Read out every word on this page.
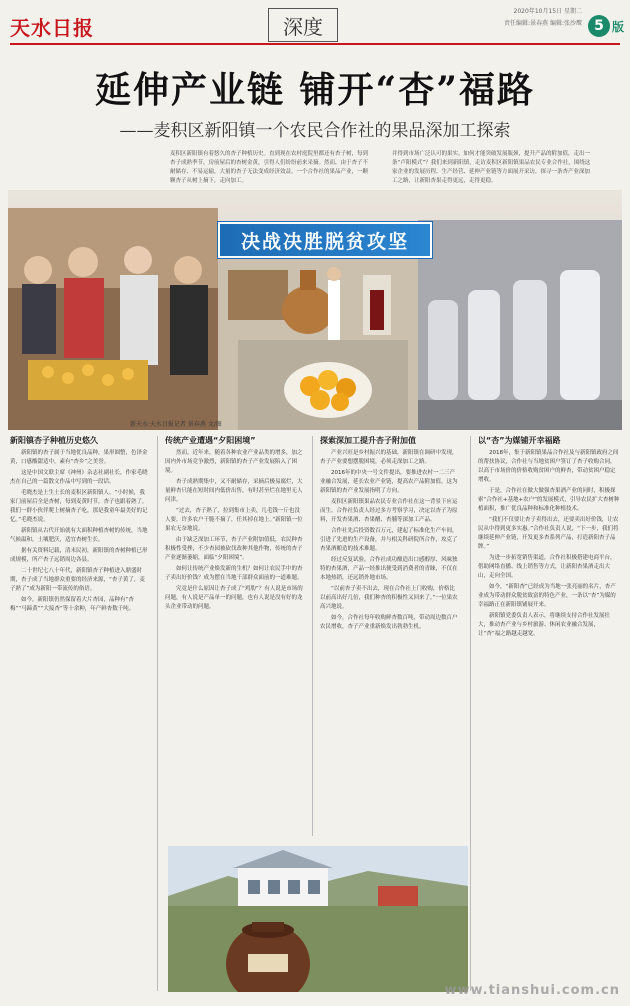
天水日报	深度
2020年10月15日 星期二
责任编辑:景春燕 编辑:张沙鹰 5 版
延伸产业链 铺开“杏”福路
——麦积区新阳镇一个农民合作社的果品深加工探索
麦积区新阳镇有着悠久的杏子种植历史。直到现在农村庭院里都还有杏子树，每到杏子成熟季节，房前屋后的杏树金黄，引得人们纷纷前来采摘。然而，由于杏子不耐储存、不易运输，大量的杏子无法变成经济效益。一个合作社的果品产业，一颗颗杏子从树上摘下，走向加工。
并得到市场广泛认可的果实。如何才能突破发展瓶颈，提升产品的附加值，走出一条“卢阳模式”？我们来到新阳镇，走访麦积区新阳镇果品农民专业合作社，围绕这家企业的发展历程、生产经营、延伸产业链等方面展开采访，探寻一条杏产业深加工之路，让新阳杏果走得更远，走得更稳。
决战决胜脱贫攻坚
新天水·天水日报记者 景春燕 文/图
新阳镇杏子种植历史悠久

新阳镇的杏子属于当地优良品种，果形圆整，色泽金黄，口感酸甜适中，素有“杏乡”之美誉。

这是中国文联主席《神州》杂志社副社长，作家毛晓杰在自己的一篇散文作品中写到的一段话。

毛晓杰是土生土长的麦积区新阳镇人。“小时候，我家门前屋后全是杏树，每到麦黄时节，杏子也跟着熟了，我们一群小伙伴爬上树摘杏子吃，那是我童年最美好的记忆。”毛晓杰说。

新阳镇从古代开始就有大面积种植杏树的传统，当地气候温和，土壤肥沃，适宜杏树生长。

据有关资料记载，清末民初，新阳镇的杏树种植已形成规模，所产杏子远销周边各县。

二十世纪七八十年代，新阳镇杏子种植进入鼎盛时期，杏子成了当地群众重要的经济来源，“杏子黄了，麦子熟了”成为新阳一带流传的俗语。

如今，新阳镇仍然保留着大片杏园，品种有“杏梅”“马蹄黄”“大接杏”等十余种，年产鲜杏数千吨。

传统产业遭遇“夕阳困境”

然而，近年来，随着各种农业产业品类的增多，加之国内外市场竞争激烈，新阳镇的杏子产业发展陷入了困境。

杏子成熟期集中，又不耐储存，采摘后极易腐烂，大量鲜杏只能在短时间内低价出售，有时甚至烂在地里无人问津。

“过去，杏子熟了，拉到集市上卖，几毛钱一斤也没人要，许多农户干脆不摘了，任其掉在地上。”新阳镇一位果农无奈地说。

由于缺乏深加工环节，杏子产业附加值低，农民种杏积极性受挫，不少杏园被砍伐改种其他作物，传统的杏子产业逐渐萎缩，面临“夕阳困境”。

如何让传统产业焕发新的生机？如何让农民手中的杏子卖出好价钱？成为摆在当地干部群众面前的一道难题。

究竟是什么原因让杏子成了“鸡肋”？有人说是市场的问题，有人说是产品单一的问题，也有人说是没有好的龙头企业带动的问题。

探索深加工提升杏子附加值

产业兴旺是乡村振兴的基础，新阳镇在调研中发现，杏子产业要想摆脱困境，必须走深加工之路。

2016年的中央一号文件提出，要推进农村一二三产业融合发展，延长农业产业链，提高农产品附加值。这为新阳镇的杏产业发展指明了方向。

麦积区新阳镇果品农民专业合作社在这一背景下应运而生。合作社负责人经过多方考察学习，决定以杏子为原料，开发杏果酒、杏果醋、杏脯等深加工产品。

合作社先后投资数百万元，建起了标准化生产车间，引进了先进的生产设备，并与相关科研院所合作，攻克了杏果酒酿造的技术难题。

经过反复试验，合作社成功酿造出口感醇厚、风味独特的杏果酒，产品一经推出便受到消费者的青睐，不仅在本地热销，还远销外地市场。

“以前杏子卖不出去，现在合作社上门收购，价格比以前高出好几倍，我们种杏的积极性又回来了。”一位果农高兴地说。

如今，合作社每年收购鲜杏数百吨，带动周边数百户农民增收，杏子产业重新焕发出勃勃生机。

以“杏”为媒铺开幸福路

2018年，集于新阳镇果品合作社及与新阳镇政府之间的帮扶协议，合作社与当地贫困户签订了杏子收购合同，以高于市场价的价格收购贫困户的鲜杏，带动贫困户稳定增收。

于是，合作社在做大做强杏果酒产业的同时，积极探索“合作社+基地+农户”的发展模式，引导农民扩大杏树种植面积，推广优良品种和标准化种植技术。

“我们不仅要让杏子卖得出去，还要卖出好价钱，让农民从中得到更多实惠。”合作社负责人说，“下一步，我们将继续延伸产业链，开发更多杏系列产品，打造新阳杏子品牌。”

为进一步拓宽销售渠道，合作社积极搭建电商平台，借助网络直播、线上销售等方式，让新阳杏果酒走出大山，走向全国。

如今，“新阳杏”已经成为当地一张亮丽的名片，杏产业成为带动群众脱贫致富的特色产业，一条以“杏”为媒的幸福路正在新阳镇铺展开来。

新阳镇党委负责人表示，将继续支持合作社发展壮大，推动杏产业与乡村旅游、休闲农业融合发展，让“杏”福之路越走越宽。

www.tianshui.com.cn
